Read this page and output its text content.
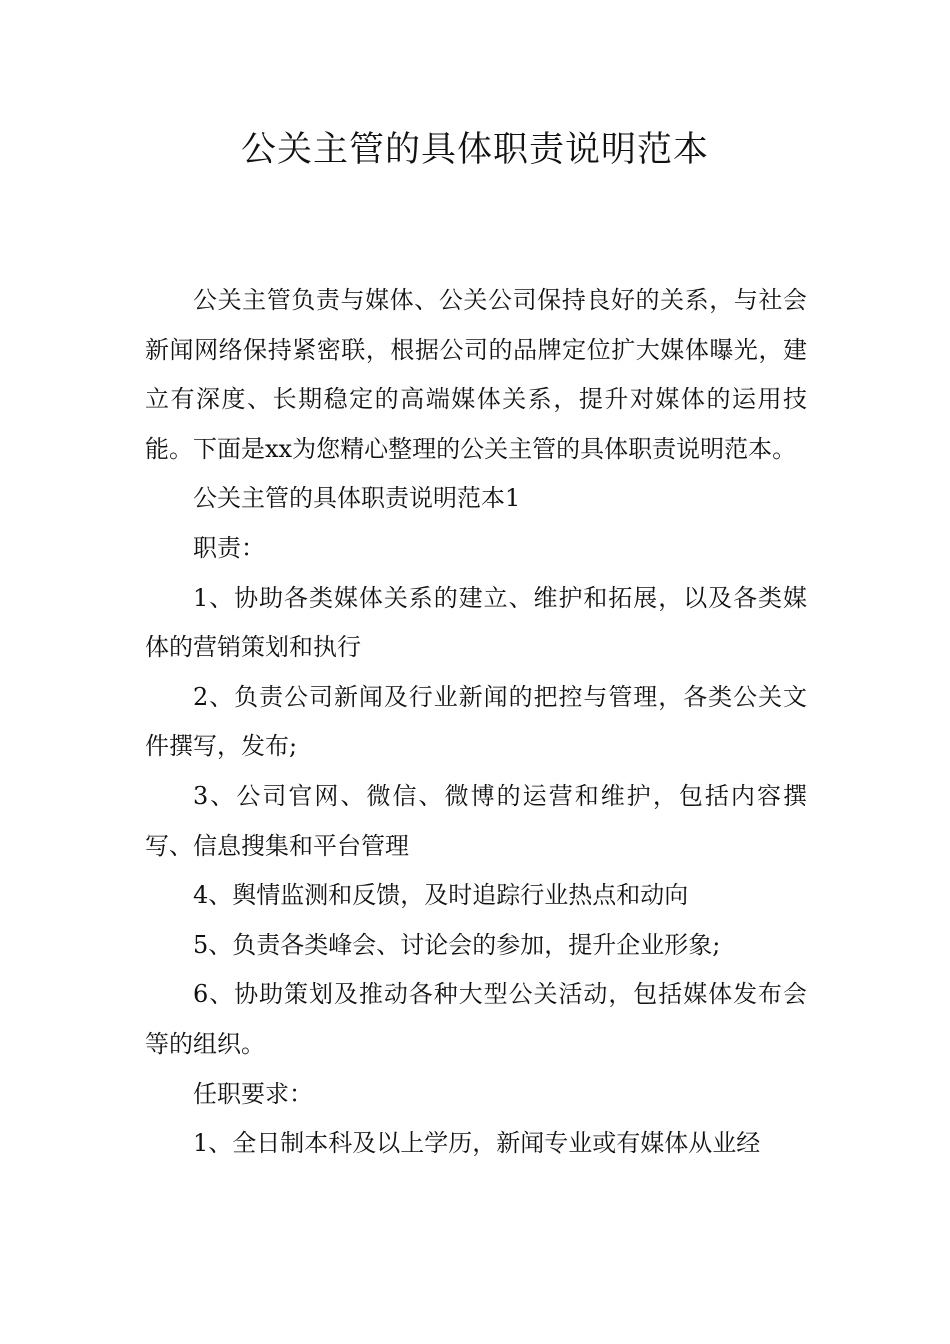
公关主管的具体职责说明范本

公关主管负责与媒体、公关公司保持良好的关系，与社会新闻网络保持紧密联，根据公司的品牌定位扩大媒体曝光，建立有深度、长期稳定的高端媒体关系，提升对媒体的运用技能。下面是xx为您精心整理的公关主管的具体职责说明范本。

公关主管的具体职责说明范本1

职责：

1、协助各类媒体关系的建立、维护和拓展，以及各类媒体的营销策划和执行

2、负责公司新闻及行业新闻的把控与管理，各类公关文件撰写，发布;

3、公司官网、微信、微博的运营和维护，包括内容撰写、信息搜集和平台管理

4、舆情监测和反馈，及时追踪行业热点和动向

5、负责各类峰会、讨论会的参加，提升企业形象;

6、协助策划及推动各种大型公关活动，包括媒体发布会等的组织。

任职要求：

1、全日制本科及以上学历，新闻专业或有媒体从业经
